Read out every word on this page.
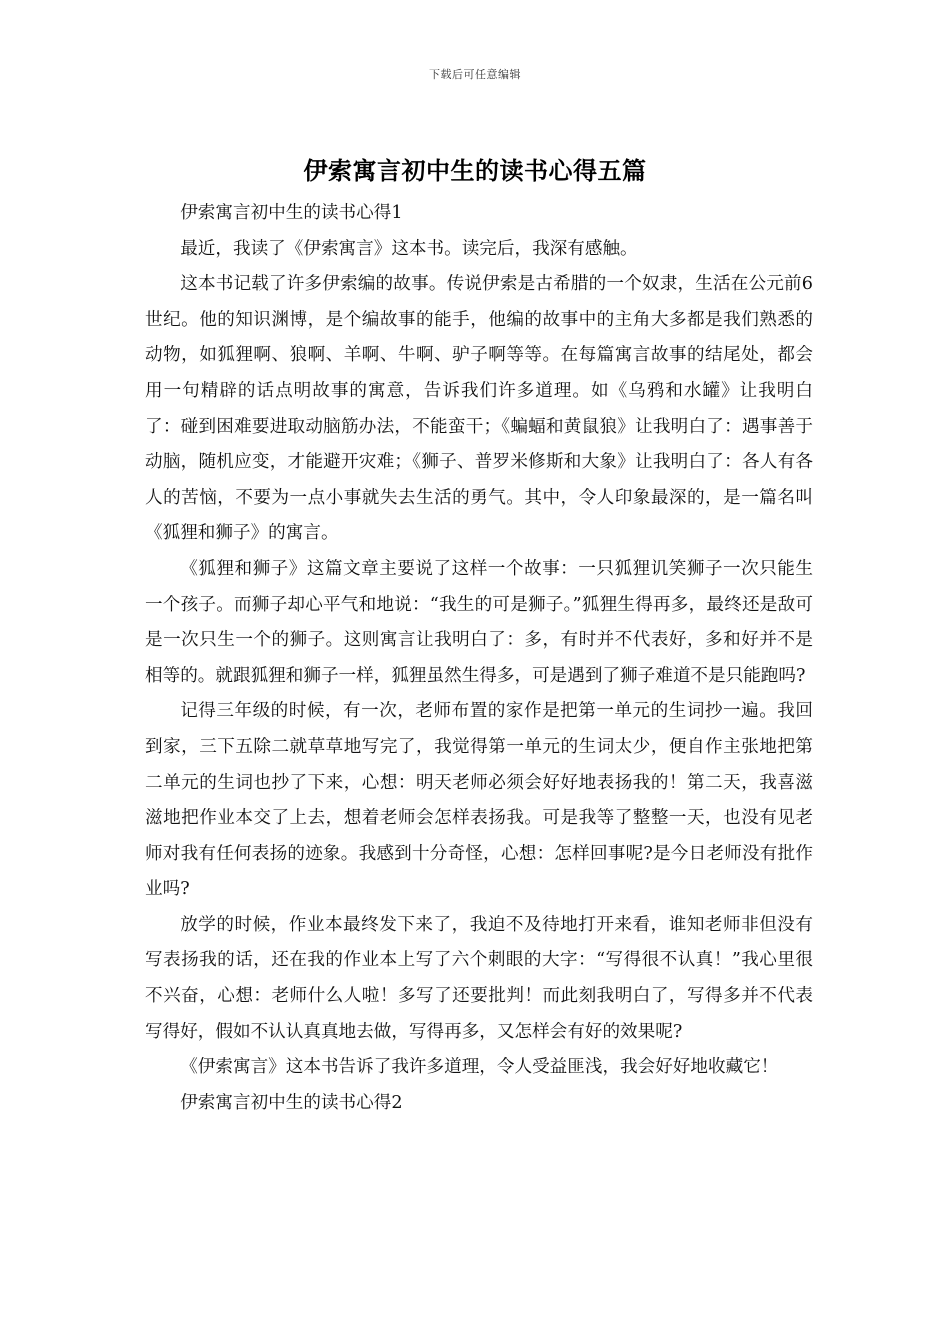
下载后可任意编辑
伊索寓言初中生的读书心得五篇

伊索寓言初中生的读书心得1

最近，我读了《伊索寓言》这本书。读完后，我深有感触。

这本书记载了许多伊索编的故事。传说伊索是古希腊的一个奴隶，生活在公元前6世纪。他的知识渊博，是个编故事的能手，他编的故事中的主角大多都是我们熟悉的动物，如狐狸啊、狼啊、羊啊、牛啊、驴子啊等等。在每篇寓言故事的结尾处，都会用一句精辟的话点明故事的寓意，告诉我们许多道理。如《乌鸦和水罐》让我明白了：碰到困难要进取动脑筋办法，不能蛮干；《蝙蝠和黄鼠狼》让我明白了：遇事善于动脑，随机应变，才能避开灾难；《狮子、普罗米修斯和大象》让我明白了：各人有各人的苦恼，不要为一点小事就失去生活的勇气。其中，令人印象最深的，是一篇名叫《狐狸和狮子》的寓言。

《狐狸和狮子》这篇文章主要说了这样一个故事：一只狐狸讥笑狮子一次只能生一个孩子。而狮子却心平气和地说：“我生的可是狮子。”狐狸生得再多，最终还是敌可是一次只生一个的狮子。这则寓言让我明白了：多，有时并不代表好，多和好并不是相等的。就跟狐狸和狮子一样，狐狸虽然生得多，可是遇到了狮子难道不是只能跑吗?

记得三年级的时候，有一次，老师布置的家作是把第一单元的生词抄一遍。我回到家，三下五除二就草草地写完了，我觉得第一单元的生词太少，便自作主张地把第二单元的生词也抄了下来，心想：明天老师必须会好好地表扬我的！第二天，我喜滋滋地把作业本交了上去，想着老师会怎样表扬我。可是我等了整整一天，也没有见老师对我有任何表扬的迹象。我感到十分奇怪，心想：怎样回事呢?是今日老师没有批作业吗?

放学的时候，作业本最终发下来了，我迫不及待地打开来看，谁知老师非但没有写表扬我的话，还在我的作业本上写了六个刺眼的大字：“写得很不认真！”我心里很不兴奋，心想：老师什么人啦！多写了还要批判！而此刻我明白了，写得多并不代表写得好，假如不认认真真地去做，写得再多，又怎样会有好的效果呢?

《伊索寓言》这本书告诉了我许多道理，令人受益匪浅，我会好好地收藏它！

伊索寓言初中生的读书心得2
